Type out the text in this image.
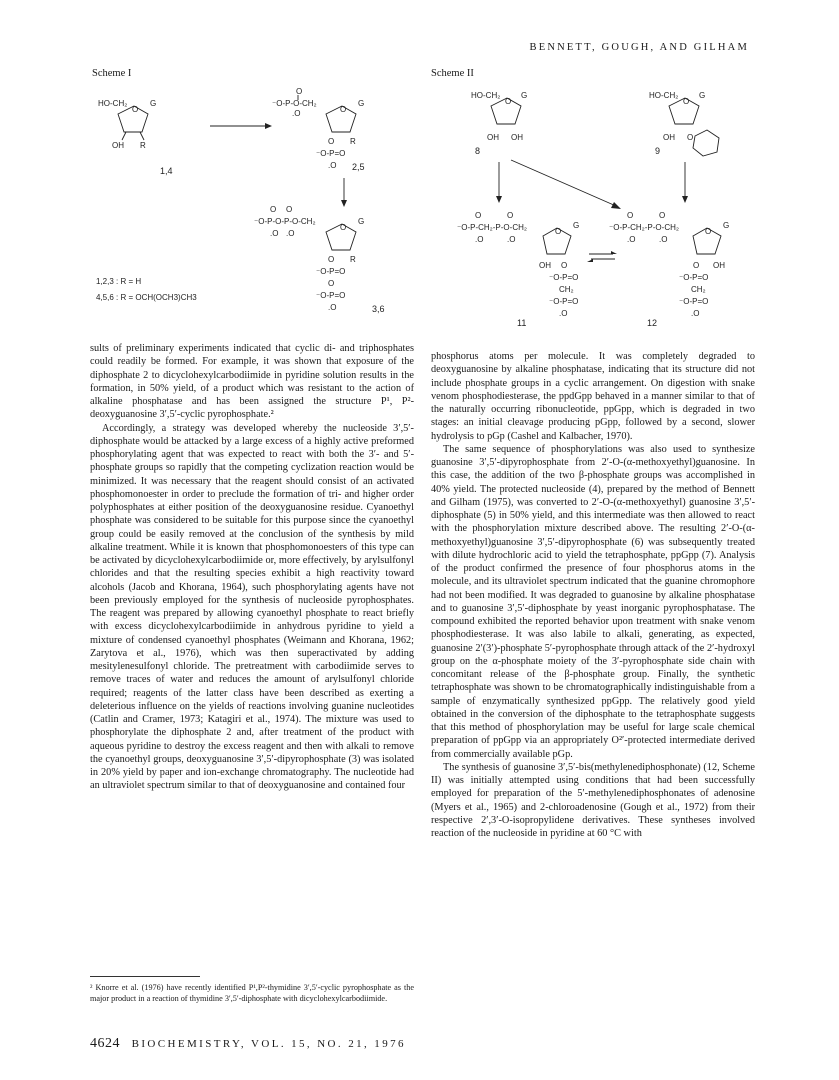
BENNETT, GOUGH, AND GILHAM
Scheme I
HO-CH₂	G
O
OH R
1,4
O
⁻O-P-O-CH₂
.O	O
G
O R
⁻O-P=O
.O 2,5
O O
⁻O-P-O-P-O-CH₂
.O .O
O
G
O R
⁻O-P=O
O
⁻O-P=O
.O	3,6
1,2,3 : R = H
4,5,6 : R = OCH(OCH3)CH3
Scheme II
HO-CH₂	G
O
OH OH
8
HO-CH₂	G
O
OH O
9
O	O
⁻O-P-CH₂-P-O-CH₂
.O	.O
O
G
OH O
⁻O-P=O
CH₂
⁻O-P=O
.O
11
O	O
⁻O-P-CH₂-P-O-CH₂
.O	.O
O
G
O OH
⁻O-P=O
CH₂
⁻O-P=O
.O
12

sults of preliminary experiments indicated that cyclic di- and triphosphates could readily be formed. For example, it was shown that exposure of the diphosphate 2 to dicyclohexylcarbodiimide in pyridine solution results in the formation, in 50% yield, of a product which was resistant to the action of alkaline phosphatase and has been assigned the structure P¹, P²-deoxyguanosine 3′,5′-cyclic pyrophosphate.²

Accordingly, a strategy was developed whereby the nucleoside 3′,5′-diphosphate would be attacked by a large excess of a highly active preformed phosphorylating agent that was expected to react with both the 3′- and 5′-phosphate groups so rapidly that the competing cyclization reaction would be minimized. It was necessary that the reagent should consist of an activated phosphomonoester in order to preclude the formation of tri- and higher order polyphosphates at either position of the deoxyguanosine residue. Cyanoethyl phosphate was considered to be suitable for this purpose since the cyanoethyl group could be easily removed at the conclusion of the synthesis by mild alkaline treatment. While it is known that phosphomonoesters of this type can be activated by dicyclohexylcarbodiimide or, more effectively, by arylsulfonyl chlorides and that the resulting species exhibit a high reactivity toward alcohols (Jacob and Khorana, 1964), such phosphorylating agents have not been previously employed for the synthesis of nucleoside pyrophosphates. The reagent was prepared by allowing cyanoethyl phosphate to react briefly with excess dicyclohexylcarbodiimide in anhydrous pyridine to yield a mixture of condensed cyanoethyl phosphates (Weimann and Khorana, 1962; Zarytova et al., 1976), which was then superactivated by adding mesitylenesulfonyl chloride. The pretreatment with carbodiimide serves to remove traces of water and reduces the amount of arylsulfonyl chloride required; reagents of the latter class have been described as exerting a deleterious influence on the yields of reactions involving guanine nucleotides (Catlin and Cramer, 1973; Katagiri et al., 1974). The mixture was used to phosphorylate the diphosphate 2 and, after treatment of the product with aqueous pyridine to destroy the excess reagent and then with alkali to remove the cyanoethyl groups, deoxyguanosine 3′,5′-dipyrophosphate (3) was isolated in 20% yield by paper and ion-exchange chromatography. The nucleotide had an ultraviolet spectrum similar to that of deoxyguanosine and contained four

phosphorus atoms per molecule. It was completely degraded to deoxyguanosine by alkaline phosphatase, indicating that its structure did not include phosphate groups in a cyclic arrangement. On digestion with snake venom phosphodiesterase, the ppdGpp behaved in a manner similar to that of the naturally occurring ribonucleotide, ppGpp, which is degraded in two stages: an initial cleavage producing pGpp, followed by a second, slower hydrolysis to pGp (Cashel and Kalbacher, 1970).

The same sequence of phosphorylations was also used to synthesize guanosine 3′,5′-dipyrophosphate from 2′-O-(α-methoxyethyl)guanosine. In this case, the addition of the two β-phosphate groups was accomplished in 40% yield. The protected nucleoside (4), prepared by the method of Bennett and Gilham (1975), was converted to 2′-O-(α-methoxyethyl) guanosine 3′,5′-diphosphate (5) in 50% yield, and this intermediate was then allowed to react with the phosphorylation mixture described above. The resulting 2′-O-(α-methoxyethyl)guanosine 3′,5′-dipyrophosphate (6) was subsequently treated with dilute hydrochloric acid to yield the tetraphosphate, ppGpp (7). Analysis of the product confirmed the presence of four phosphorus atoms in the molecule, and its ultraviolet spectrum indicated that the guanine chromophore had not been modified. It was degraded to guanosine by alkaline phosphatase and to guanosine 3′,5′-diphosphate by yeast inorganic pyrophosphatase. The compound exhibited the reported behavior upon treatment with snake venom phosphodiesterase. It was also labile to alkali, generating, as expected, guanosine 2′(3′)-phosphate 5′-pyrophosphate through attack of the 2′-hydroxyl group on the α-phosphate moiety of the 3′-pyrophosphate side chain with concomitant release of the β-phosphate group. Finally, the synthetic tetraphosphate was shown to be chromatographically indistinguishable from a sample of enzymatically synthesized ppGpp. The relatively good yield obtained in the conversion of the diphosphate to the tetraphosphate suggests that this method of phosphorylation may be useful for large scale chemical preparation of ppGpp via an appropriately O²′-protected intermediate derived from commercially available pGp.

The synthesis of guanosine 3′,5′-bis(methylenediphosphonate) (12, Scheme II) was initially attempted using conditions that had been successfully employed for preparation of the 5′-methylenediphosphonates of adenosine (Myers et al., 1965) and 2-chloroadenosine (Gough et al., 1972) from their respective 2′,3′-O-isopropylidene derivatives. These syntheses involved reaction of the nucleoside in pyridine at 60 °C with

² Knorre et al. (1976) have recently identified P¹,P²-thymidine 3′,5′-cyclic pyrophosphate as the major product in a reaction of thymidine 3′,5′-diphosphate with dicyclohexylcarbodiimide.
4624 BIOCHEMISTRY, VOL. 15, NO. 21, 1976
